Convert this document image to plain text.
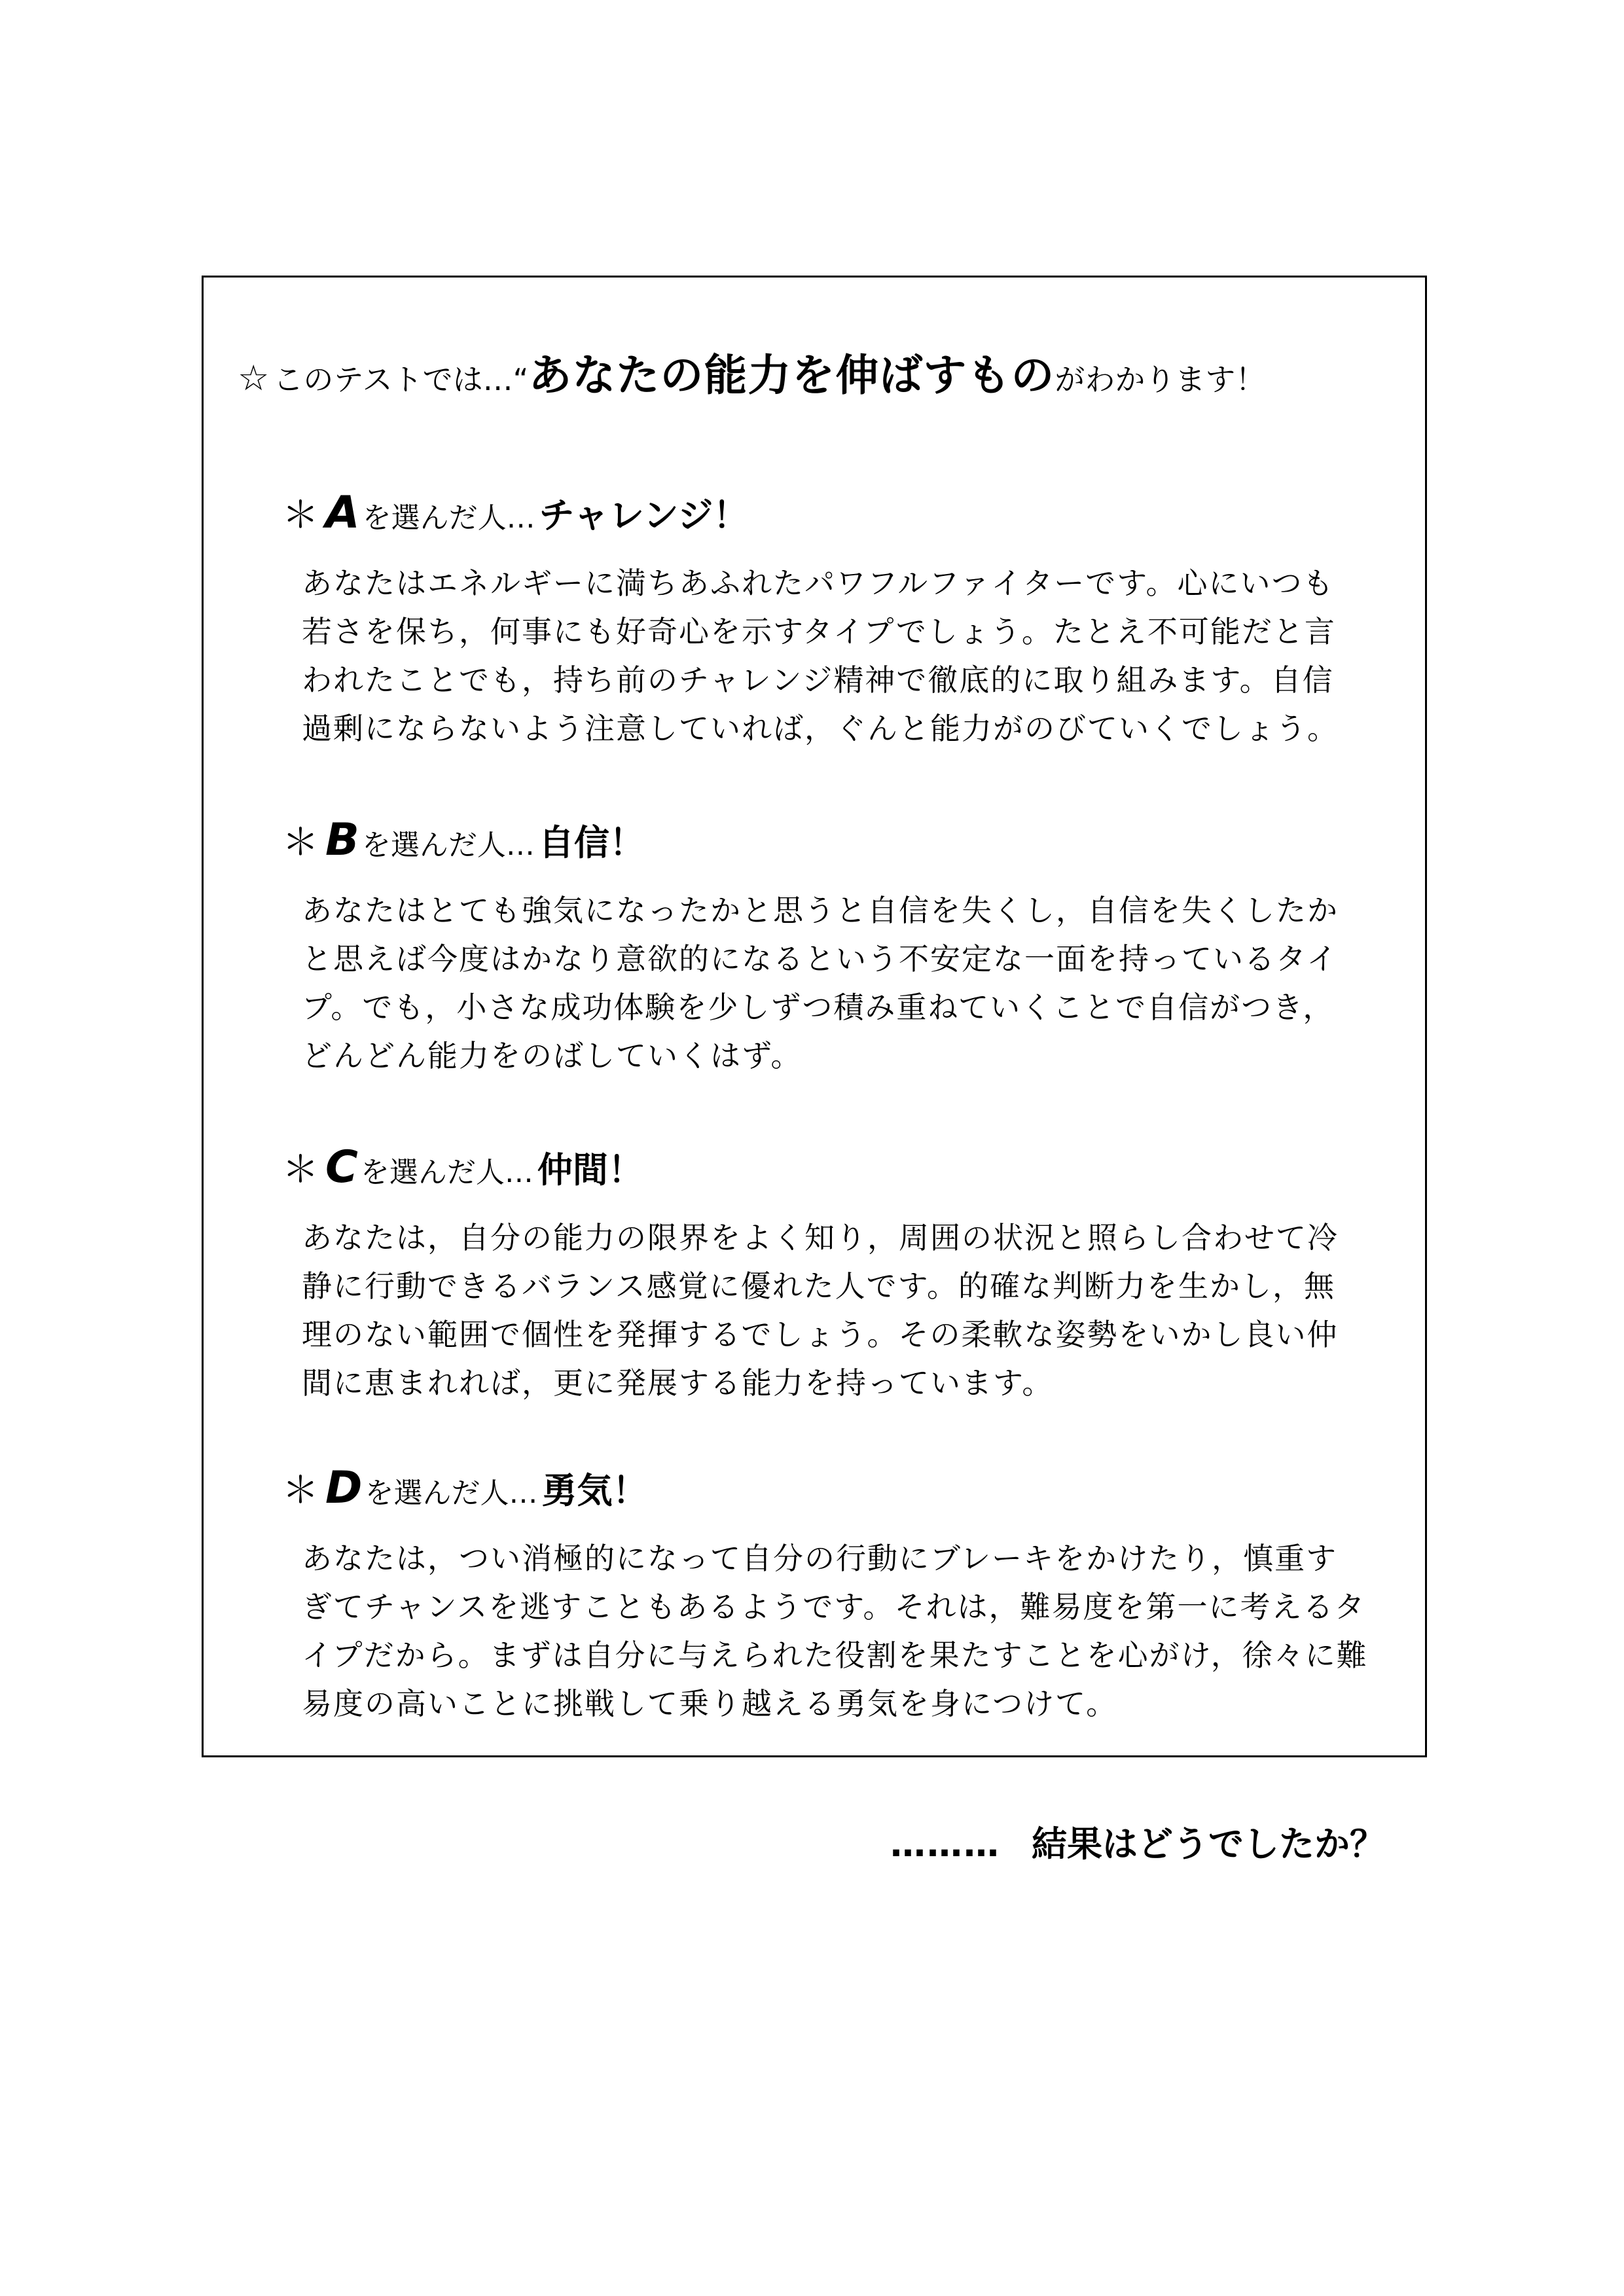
☆ このテストでは…“あなたの能力を伸ばすものがわかります！
＊ Aを選んだ人… チャレンジ！
あなたはエネルギーに満ちあふれたパワフルファイターです。心にいつも
若さを保ち，何事にも好奇心を示すタイプでしょう。たとえ不可能だと言
われたことでも，持ち前のチャレンジ精神で徹底的に取り組みます。自信
過剰にならないよう注意していれば，ぐんと能力がのびていくでしょう。
＊ Bを選んだ人… 自信！
あなたはとても強気になったかと思うと自信を失くし，自信を失くしたか
と思えば今度はかなり意欲的になるという不安定な一面を持っているタイ
プ。でも，小さな成功体験を少しずつ積み重ねていくことで自信がつき，
どんどん能力をのばしていくはず。
＊ Cを選んだ人… 仲間！
あなたは，自分の能力の限界をよく知り，周囲の状況と照らし合わせて冷
静に行動できるバランス感覚に優れた人です。的確な判断力を生かし，無
理のない範囲で個性を発揮するでしょう。その柔軟な姿勢をいかし良い仲
間に恵まれれば，更に発展する能力を持っています。
＊ Dを選んだ人… 勇気！
あなたは，つい消極的になって自分の行動にブレーキをかけたり，慎重す
ぎてチャンスを逃すこともあるようです。それは，難易度を第一に考えるタ
イプだから。まずは自分に与えられた役割を果たすことを心がけ，徐々に難
易度の高いことに挑戦して乗り越える勇気を身につけて。
……… 結果はどうでしたか？
